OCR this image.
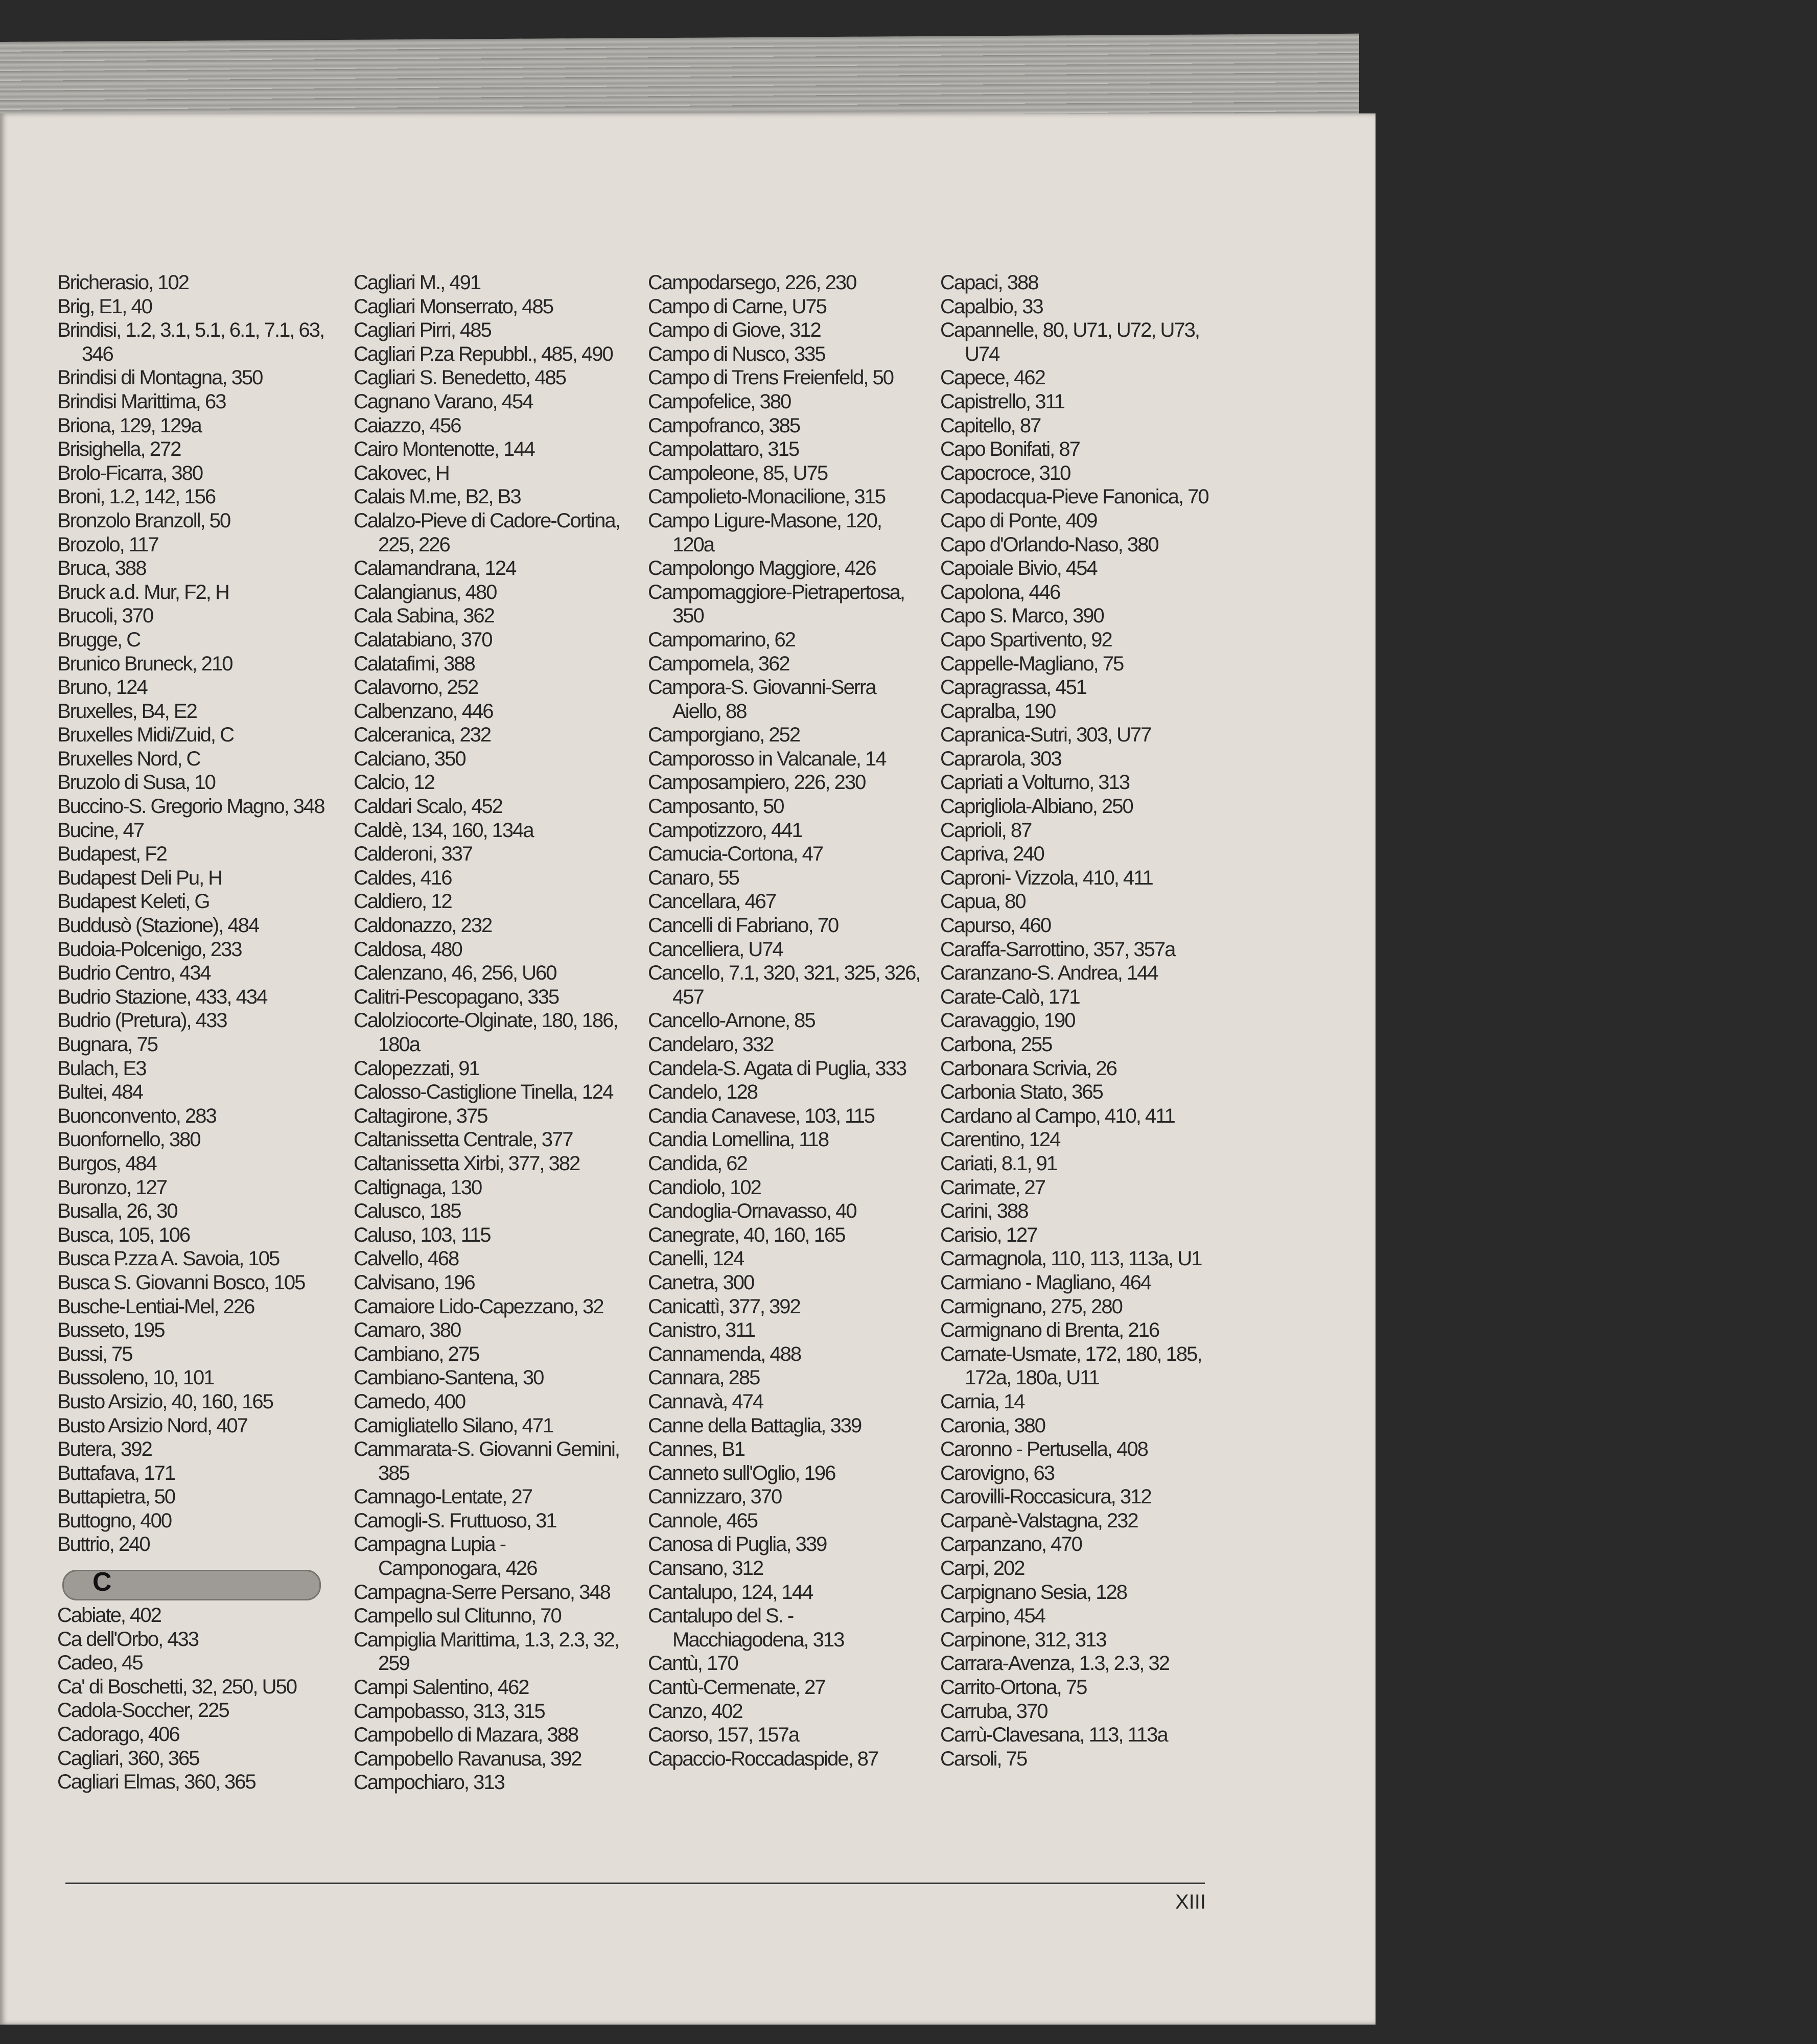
Bricherasio, 102
Brig, E1, 40
Brindisi, 1.2, 3.1, 5.1, 6.1, 7.1, 63, 346
Brindisi di Montagna, 350
Brindisi Marittima, 63
Briona, 129, 129a
Brisighella, 272
Brolo-Ficarra, 380
Broni, 1.2, 142, 156
Bronzolo Branzoll, 50
Brozolo, 117
Bruca, 388
Bruck a.d. Mur, F2, H
Brucoli, 370
Brugge, C
Brunico Bruneck, 210
Bruno, 124
Bruxelles, B4, E2
Bruxelles Midi/Zuid, C
Bruxelles Nord, C
Bruzolo di Susa, 10
Buccino-S. Gregorio Magno, 348
Bucine, 47
Budapest, F2
Budapest Deli Pu, H
Budapest Keleti, G
Buddusò (Stazione), 484
Budoia-Polcenigo, 233
Budrio Centro, 434
Budrio Stazione, 433, 434
Budrio (Pretura), 433
Bugnara, 75
Bulach, E3
Bultei, 484
Buonconvento, 283
Buonfornello, 380
Burgos, 484
Buronzo, 127
Busalla, 26, 30
Busca, 105, 106
Busca P.zza A. Savoia, 105
Busca S. Giovanni Bosco, 105
Busche-Lentiai-Mel, 226
Busseto, 195
Bussi, 75
Bussoleno, 10, 101
Busto Arsizio, 40, 160, 165
Busto Arsizio Nord, 407
Butera, 392
Buttafava, 171
Buttapietra, 50
Buttogno, 400
Buttrio, 240
C
Cabiate, 402
Ca dell'Orbo, 433
Cadeo, 45
Ca' di Boschetti, 32, 250, U50
Cadola-Soccher, 225
Cadorago, 406
Cagliari, 360, 365
Cagliari Elmas, 360, 365
Cagliari M., 491
Cagliari Monserrato, 485
Cagliari Pirri, 485
Cagliari P.za Repubbl., 485, 490
Cagliari S. Benedetto, 485
Cagnano Varano, 454
Caiazzo, 456
Cairo Montenotte, 144
Cakovec, H
Calais M.me, B2, B3
Calalzo-Pieve di Cadore-Cortina, 225, 226
Calamandrana, 124
Calangianus, 480
Cala Sabina, 362
Calatabiano, 370
Calatafimi, 388
Calavorno, 252
Calbenzano, 446
Calceranica, 232
Calciano, 350
Calcio, 12
Caldari Scalo, 452
Caldè, 134, 160, 134a
Calderoni, 337
Caldes, 416
Caldiero, 12
Caldonazzo, 232
Caldosa, 480
Calenzano, 46, 256, U60
Calitri-Pescopagano, 335
Calolziocorte-Olginate, 180, 186, 180a
Calopezzati, 91
Calosso-Castiglione Tinella, 124
Caltagirone, 375
Caltanissetta Centrale, 377
Caltanissetta Xirbi, 377, 382
Caltignaga, 130
Calusco, 185
Caluso, 103, 115
Calvello, 468
Calvisano, 196
Camaiore Lido-Capezzano, 32
Camaro, 380
Cambiano, 275
Cambiano-Santena, 30
Camedo, 400
Camigliatello Silano, 471
Cammarata-S. Giovanni Gemini, 385
Camnago-Lentate, 27
Camogli-S. Fruttuoso, 31
Campagna Lupia - Camponogara, 426
Campagna-Serre Persano, 348
Campello sul Clitunno, 70
Campiglia Marittima, 1.3, 2.3, 32, 259
Campi Salentino, 462
Campobasso, 313, 315
Campobello di Mazara, 388
Campobello Ravanusa, 392
Campochiaro, 313
Campodarsego, 226, 230
Campo di Carne, U75
Campo di Giove, 312
Campo di Nusco, 335
Campo di Trens Freienfeld, 50
Campofelice, 380
Campofranco, 385
Campolattaro, 315
Campoleone, 85, U75
Campolieto-Monacilione, 315
Campo Ligure-Masone, 120, 120a
Campolongo Maggiore, 426
Campomaggiore-Pietrapertosa, 350
Campomarino, 62
Campomela, 362
Campora-S. Giovanni-Serra Aiello, 88
Camporgiano, 252
Camporosso in Valcanale, 14
Camposampiero, 226, 230
Camposanto, 50
Campotizzoro, 441
Camucia-Cortona, 47
Canaro, 55
Cancellara, 467
Cancelli di Fabriano, 70
Cancelliera, U74
Cancello, 7.1, 320, 321, 325, 326, 457
Cancello-Arnone, 85
Candelaro, 332
Candela-S. Agata di Puglia, 333
Candelo, 128
Candia Canavese, 103, 115
Candia Lomellina, 118
Candida, 62
Candiolo, 102
Candoglia-Ornavasso, 40
Canegrate, 40, 160, 165
Canelli, 124
Canetra, 300
Canicattì, 377, 392
Canistro, 311
Cannamenda, 488
Cannara, 285
Cannavà, 474
Canne della Battaglia, 339
Cannes, B1
Canneto sull'Oglio, 196
Cannizzaro, 370
Cannole, 465
Canosa di Puglia, 339
Cansano, 312
Cantalupo, 124, 144
Cantalupo del S. - Macchiagodena, 313
Cantù, 170
Cantù-Cermenate, 27
Canzo, 402
Caorso, 157, 157a
Capaccio-Roccadaspide, 87
Capaci, 388
Capalbio, 33
Capannelle, 80, U71, U72, U73, U74
Capece, 462
Capistrello, 311
Capitello, 87
Capo Bonifati, 87
Capocroce, 310
Capodacqua-Pieve Fanonica, 70
Capo di Ponte, 409
Capo d'Orlando-Naso, 380
Capoiale Bivio, 454
Capolona, 446
Capo S. Marco, 390
Capo Spartivento, 92
Cappelle-Magliano, 75
Capragrassa, 451
Capralba, 190
Capranica-Sutri, 303, U77
Caprarola, 303
Capriati a Volturno, 313
Caprigliola-Albiano, 250
Caprioli, 87
Capriva, 240
Caproni- Vizzola, 410, 411
Capua, 80
Capurso, 460
Caraffa-Sarrottino, 357, 357a
Caranzano-S. Andrea, 144
Carate-Calò, 171
Caravaggio, 190
Carbona, 255
Carbonara Scrivia, 26
Carbonia Stato, 365
Cardano al Campo, 410, 411
Carentino, 124
Cariati, 8.1, 91
Carimate, 27
Carini, 388
Carisio, 127
Carmagnola, 110, 113, 113a, U1
Carmiano - Magliano, 464
Carmignano, 275, 280
Carmignano di Brenta, 216
Carnate-Usmate, 172, 180, 185, 172a, 180a, U11
Carnia, 14
Caronia, 380
Caronno - Pertusella, 408
Carovigno, 63
Carovilli-Roccasicura, 312
Carpanè-Valstagna, 232
Carpanzano, 470
Carpi, 202
Carpignano Sesia, 128
Carpino, 454
Carpinone, 312, 313
Carrara-Avenza, 1.3, 2.3, 32
Carrito-Ortona, 75
Carruba, 370
Carrù-Clavesana, 113, 113a
Carsoli, 75
XIII
